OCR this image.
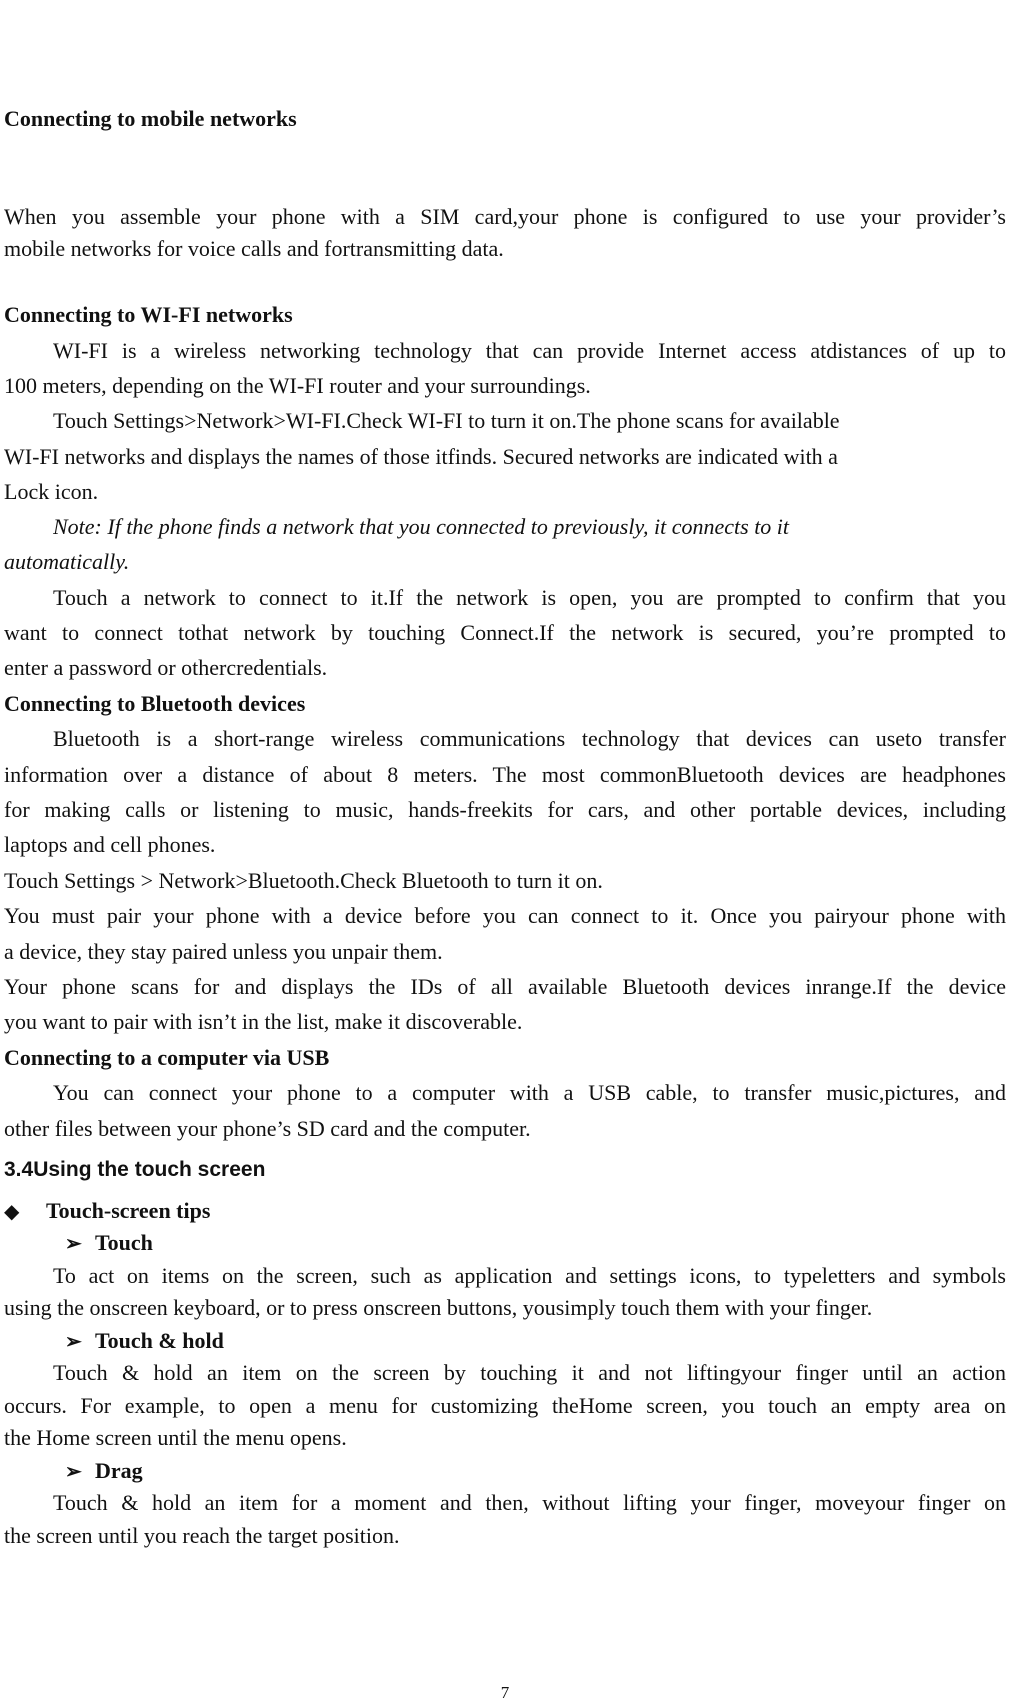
Connecting to mobile networks
When you assemble your phone with a SIM card,your phone is configured to use your provider’s
mobile networks for voice calls and fortransmitting data.
Connecting to WI-FI networks
WI-FI is a wireless networking technology that can provide Internet access atdistances of up to
100 meters, depending on the WI-FI router and your surroundings.
Touch Settings>Network>WI-FI.Check WI-FI to turn it on.The phone scans for available
WI-FI networks and displays the names of those itfinds. Secured networks are indicated with a
Lock icon.
Note: If the phone finds a network that you connected to previously, it connects to it
automatically.
Touch a network to connect to it.If the network is open, you are prompted to confirm that you
want to connect tothat network by touching Connect.If the network is secured, you’re prompted to
enter a password or othercredentials.
Connecting to Bluetooth devices
Bluetooth is a short-range wireless communications technology that devices can useto transfer
information over a distance of about 8 meters. The most commonBluetooth devices are headphones
for making calls or listening to music, hands-freekits for cars, and other portable devices, including
laptops and cell phones.
Touch Settings > Network>Bluetooth.Check Bluetooth to turn it on.
You must pair your phone with a device before you can connect to it. Once you pairyour phone with
a device, they stay paired unless you unpair them.
Your phone scans for and displays the IDs of all available Bluetooth devices inrange.If the device
you want to pair with isn’t in the list, make it discoverable.
Connecting to a computer via USB
You can connect your phone to a computer with a USB cable, to transfer music,pictures, and
other files between your phone’s SD card and the computer.
3.4Using the touch screen
◆ Touch-screen tips
➢ Touch
To act on items on the screen, such as application and settings icons, to typeletters and symbols
using the onscreen keyboard, or to press onscreen buttons, yousimply touch them with your finger.
➢ Touch & hold
Touch & hold an item on the screen by touching it and not liftingyour finger until an action
occurs. For example, to open a menu for customizing theHome screen, you touch an empty area on
the Home screen until the menu opens.
➢ Drag
Touch & hold an item for a moment and then, without lifting your finger, moveyour finger on
the screen until you reach the target position.
7
